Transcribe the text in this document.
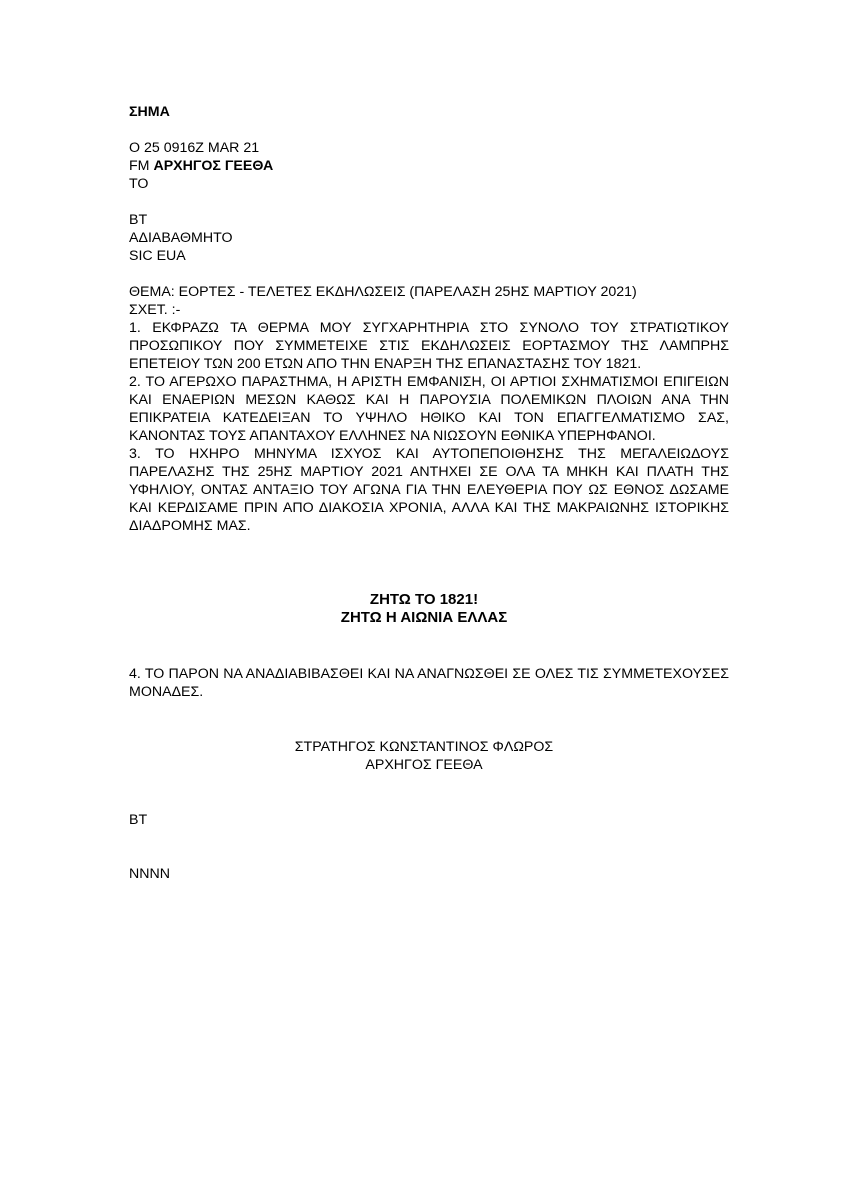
ΣΗΜΑ
Ο 25 0916Z MAR 21
FM ΑΡΧΗΓΟΣ ΓΕΕΘΑ
ΤΟ
ΒΤ
ΑΔΙΑΒΑΘΜΗΤΟ
SIC EUA
ΘΕΜΑ: ΕΟΡΤΕΣ - ΤΕΛΕΤΕΣ ΕΚΔΗΛΩΣΕΙΣ (ΠΑΡΕΛΑΣΗ 25ΗΣ ΜΑΡΤΙΟΥ 2021)
ΣΧΕΤ. :-
1. ΕΚΦΡΑΖΩ ΤΑ ΘΕΡΜΑ ΜΟΥ ΣΥΓΧΑΡΗΤΗΡΙΑ ΣΤΟ ΣΥΝΟΛΟ ΤΟΥ ΣΤΡΑΤΙΩΤΙΚΟΥ ΠΡΟΣΩΠΙΚΟΥ ΠΟΥ ΣΥΜΜΕΤΕΙΧΕ ΣΤΙΣ ΕΚΔΗΛΩΣΕΙΣ ΕΟΡΤΑΣΜΟΥ ΤΗΣ ΛΑΜΠΡΗΣ ΕΠΕΤΕΙΟΥ ΤΩΝ 200 ΕΤΩΝ ΑΠΟ ΤΗΝ ΕΝΑΡΞΗ ΤΗΣ ΕΠΑΝΑΣΤΑΣΗΣ ΤΟΥ 1821.
2. ΤΟ ΑΓΕΡΩΧΟ ΠΑΡΑΣΤΗΜΑ, Η ΑΡΙΣΤΗ ΕΜΦΑΝΙΣΗ, ΟΙ ΑΡΤΙΟΙ ΣΧΗΜΑΤΙΣΜΟΙ ΕΠΙΓΕΙΩΝ ΚΑΙ ΕΝΑΕΡΙΩΝ ΜΕΣΩΝ ΚΑΘΩΣ ΚΑΙ Η ΠΑΡΟΥΣΙΑ ΠΟΛΕΜΙΚΩΝ ΠΛΟΙΩΝ ΑΝΑ ΤΗΝ ΕΠΙΚΡΑΤΕΙΑ ΚΑΤΕΔΕΙΞΑΝ ΤΟ ΥΨΗΛΟ ΗΘΙΚΟ ΚΑΙ ΤΟΝ ΕΠΑΓΓΕΛΜΑΤΙΣΜΟ ΣΑΣ, ΚΑΝΟΝΤΑΣ ΤΟΥΣ ΑΠΑΝΤΑΧΟΥ ΕΛΛΗΝΕΣ ΝΑ ΝΙΩΣΟΥΝ ΕΘΝΙΚΑ ΥΠΕΡΗΦΑΝΟΙ.
3. ΤΟ ΗΧΗΡΟ ΜΗΝΥΜΑ ΙΣΧΥΟΣ ΚΑΙ ΑΥΤΟΠΕΠΟΙΘΗΣΗΣ ΤΗΣ ΜΕΓΑΛΕΙΩΔΟΥΣ ΠΑΡΕΛΑΣΗΣ ΤΗΣ 25ΗΣ ΜΑΡΤΙΟΥ 2021 ΑΝΤΗΧΕΙ ΣΕ ΟΛΑ ΤΑ ΜΗΚΗ ΚΑΙ ΠΛΑΤΗ ΤΗΣ ΥΦΗΛΙΟΥ, ΟΝΤΑΣ ΑΝΤΑΞΙΟ ΤΟΥ ΑΓΩΝΑ ΓΙΑ ΤΗΝ ΕΛΕΥΘΕΡΙΑ ΠΟΥ ΩΣ ΕΘΝΟΣ ΔΩΣΑΜΕ ΚΑΙ ΚΕΡΔΙΣΑΜΕ ΠΡΙΝ ΑΠΟ ΔΙΑΚΟΣΙΑ ΧΡΟΝΙΑ, ΑΛΛΑ ΚΑΙ ΤΗΣ ΜΑΚΡΑΙΩΝΗΣ ΙΣΤΟΡΙΚΗΣ ΔΙΑΔΡΟΜΗΣ ΜΑΣ.
ΖΗΤΩ ΤΟ 1821!
ΖΗΤΩ Η ΑΙΩΝΙΑ ΕΛΛΑΣ
4. ΤΟ ΠΑΡΟΝ ΝΑ ΑΝΑΔΙΑΒΙΒΑΣΘΕΙ ΚΑΙ ΝΑ ΑΝΑΓΝΩΣΘΕΙ ΣΕ ΟΛΕΣ ΤΙΣ ΣΥΜΜΕΤΕΧΟΥΣΕΣ ΜΟΝΑΔΕΣ.
ΣΤΡΑΤΗΓΟΣ ΚΩΝΣΤΑΝΤΙΝΟΣ ΦΛΩΡΟΣ
ΑΡΧΗΓΟΣ ΓΕΕΘΑ
ΒΤ
NNNN
